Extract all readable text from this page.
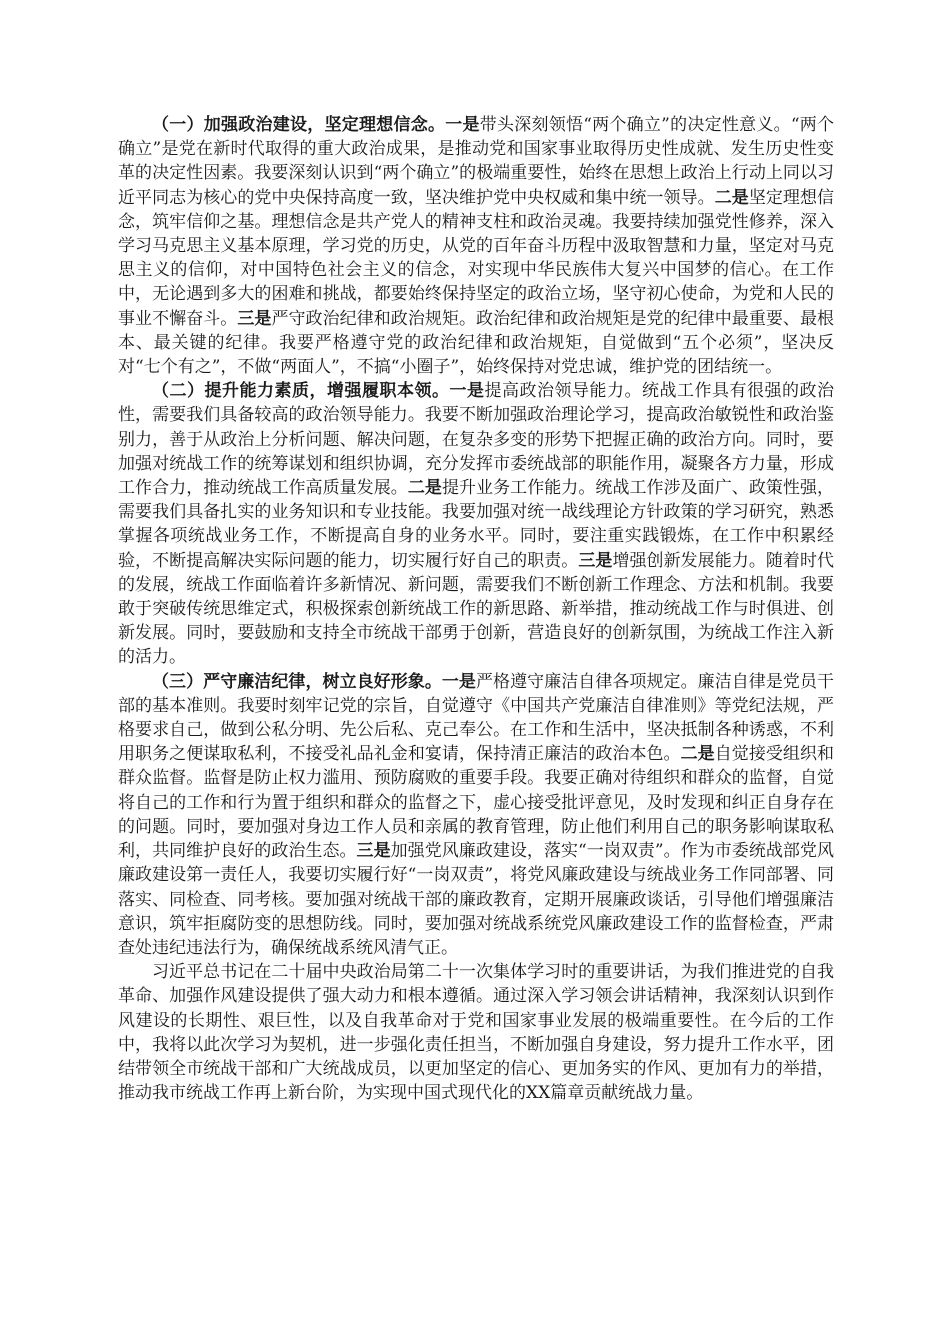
（一）加强政治建设，坚定理想信念。一是带头深刻领悟“两个确立”的决定性意义。“两个确立”是党在新时代取得的重大政治成果，是推动党和国家事业取得历史性成就、发生历史性变革的决定性因素。我要深刻认识到“两个确立”的极端重要性，始终在思想上政治上行动上同以习近平同志为核心的党中央保持高度一致，坚决维护党中央权威和集中统一领导。二是坚定理想信念，筑牢信仰之基。理想信念是共产党人的精神支柱和政治灵魂。我要持续加强党性修养，深入学习马克思主义基本原理，学习党的历史，从党的百年奋斗历程中汲取智慧和力量，坚定对马克思主义的信仰，对中国特色社会主义的信念，对实现中华民族伟大复兴中国梦的信心。在工作中，无论遇到多大的困难和挑战，都要始终保持坚定的政治立场，坚守初心使命，为党和人民的事业不懈奋斗。三是严守政治纪律和政治规矩。政治纪律和政治规矩是党的纪律中最重要、最根本、最关键的纪律。我要严格遵守党的政治纪律和政治规矩，自觉做到“五个必须”，坚决反对“七个有之”，不做“两面人”，不搞“小圈子”，始终保持对党忠诚，维护党的团结统一。

（二）提升能力素质，增强履职本领。一是提高政治领导能力。统战工作具有很强的政治性，需要我们具备较高的政治领导能力。我要不断加强政治理论学习，提高政治敏锐性和政治鉴别力，善于从政治上分析问题、解决问题，在复杂多变的形势下把握正确的政治方向。同时，要加强对统战工作的统筹谋划和组织协调，充分发挥市委统战部的职能作用，凝聚各方力量，形成工作合力，推动统战工作高质量发展。二是提升业务工作能力。统战工作涉及面广、政策性强，需要我们具备扎实的业务知识和专业技能。我要加强对统一战线理论方针政策的学习研究，熟悉掌握各项统战业务工作，不断提高自身的业务水平。同时，要注重实践锻炼，在工作中积累经验，不断提高解决实际问题的能力，切实履行好自己的职责。三是增强创新发展能力。随着时代的发展，统战工作面临着许多新情况、新问题，需要我们不断创新工作理念、方法和机制。我要敢于突破传统思维定式，积极探索创新统战工作的新思路、新举措，推动统战工作与时俱进、创新发展。同时，要鼓励和支持全市统战干部勇于创新，营造良好的创新氛围，为统战工作注入新的活力。

（三）严守廉洁纪律，树立良好形象。一是严格遵守廉洁自律各项规定。廉洁自律是党员干部的基本准则。我要时刻牢记党的宗旨，自觉遵守《中国共产党廉洁自律准则》等党纪法规，严格要求自己，做到公私分明、先公后私、克己奉公。在工作和生活中，坚决抵制各种诱惑，不利用职务之便谋取私利，不接受礼品礼金和宴请，保持清正廉洁的政治本色。二是自觉接受组织和群众监督。监督是防止权力滥用、预防腐败的重要手段。我要正确对待组织和群众的监督，自觉将自己的工作和行为置于组织和群众的监督之下，虚心接受批评意见，及时发现和纠正自身存在的问题。同时，要加强对身边工作人员和亲属的教育管理，防止他们利用自己的职务影响谋取私利，共同维护良好的政治生态。三是加强党风廉政建设，落实“一岗双责”。作为市委统战部党风廉政建设第一责任人，我要切实履行好“一岗双责”，将党风廉政建设与统战业务工作同部署、同落实、同检查、同考核。要加强对统战干部的廉政教育，定期开展廉政谈话，引导他们增强廉洁意识，筑牢拒腐防变的思想防线。同时，要加强对统战系统党风廉政建设工作的监督检查，严肃查处违纪违法行为，确保统战系统风清气正。

习近平总书记在二十届中央政治局第二十一次集体学习时的重要讲话，为我们推进党的自我革命、加强作风建设提供了强大动力和根本遵循。通过深入学习领会讲话精神，我深刻认识到作风建设的长期性、艰巨性，以及自我革命对于党和国家事业发展的极端重要性。在今后的工作中，我将以此次学习为契机，进一步强化责任担当，不断加强自身建设，努力提升工作水平，团结带领全市统战干部和广大统战成员，以更加坚定的信心、更加务实的作风、更加有力的举措，推动我市统战工作再上新台阶，为实现中国式现代化的XX篇章贡献统战力量。
